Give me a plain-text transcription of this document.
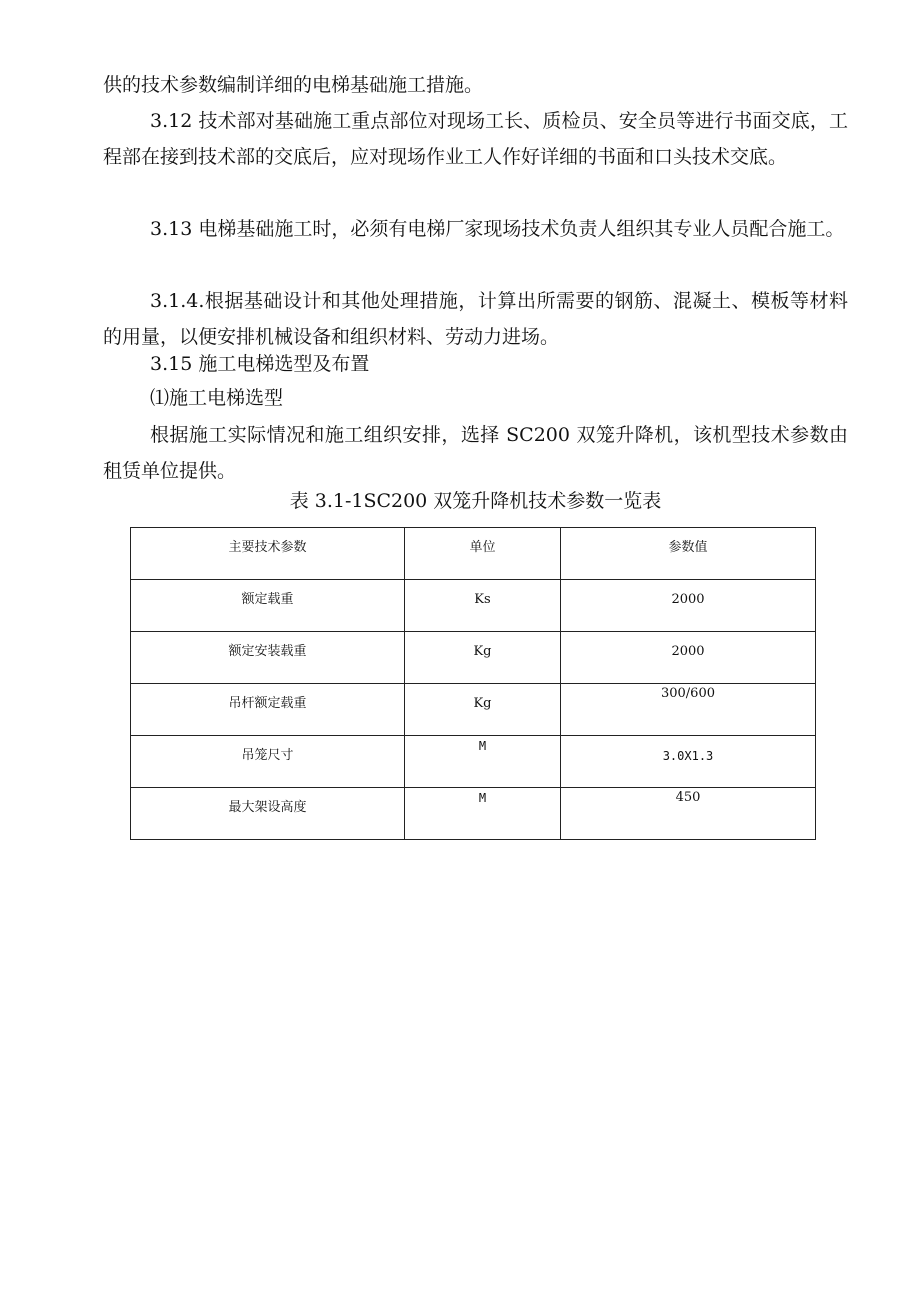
供的技术参数编制详细的电梯基础施工措施。

3.12 技术部对基础施工重点部位对现场工长、质检员、安全员等进行书面交底，工程部在接到技术部的交底后，应对现场作业工人作好详细的书面和口头技术交底。

3.13 电梯基础施工时，必须有电梯厂家现场技术负责人组织其专业人员配合施工。

3.1.4.根据基础设计和其他处理措施，计算出所需要的钢筋、混凝土、模板等材料的用量，以便安排机械设备和组织材料、劳动力进场。

3.15 施工电梯选型及布置

⑴施工电梯选型

根据施工实际情况和施工组织安排，选择 SC200 双笼升降机，该机型技术参数由租赁单位提供。

表 3.1-1SC200 双笼升降机技术参数一览表
主要技术参数	单位	参数值

额定载重	Ks	2000

额定安装载重	Kg	2000

吊杆额定载重	Kg	300/600

吊笼尺寸	M	3.0X1.3

最大架设高度	M	450
